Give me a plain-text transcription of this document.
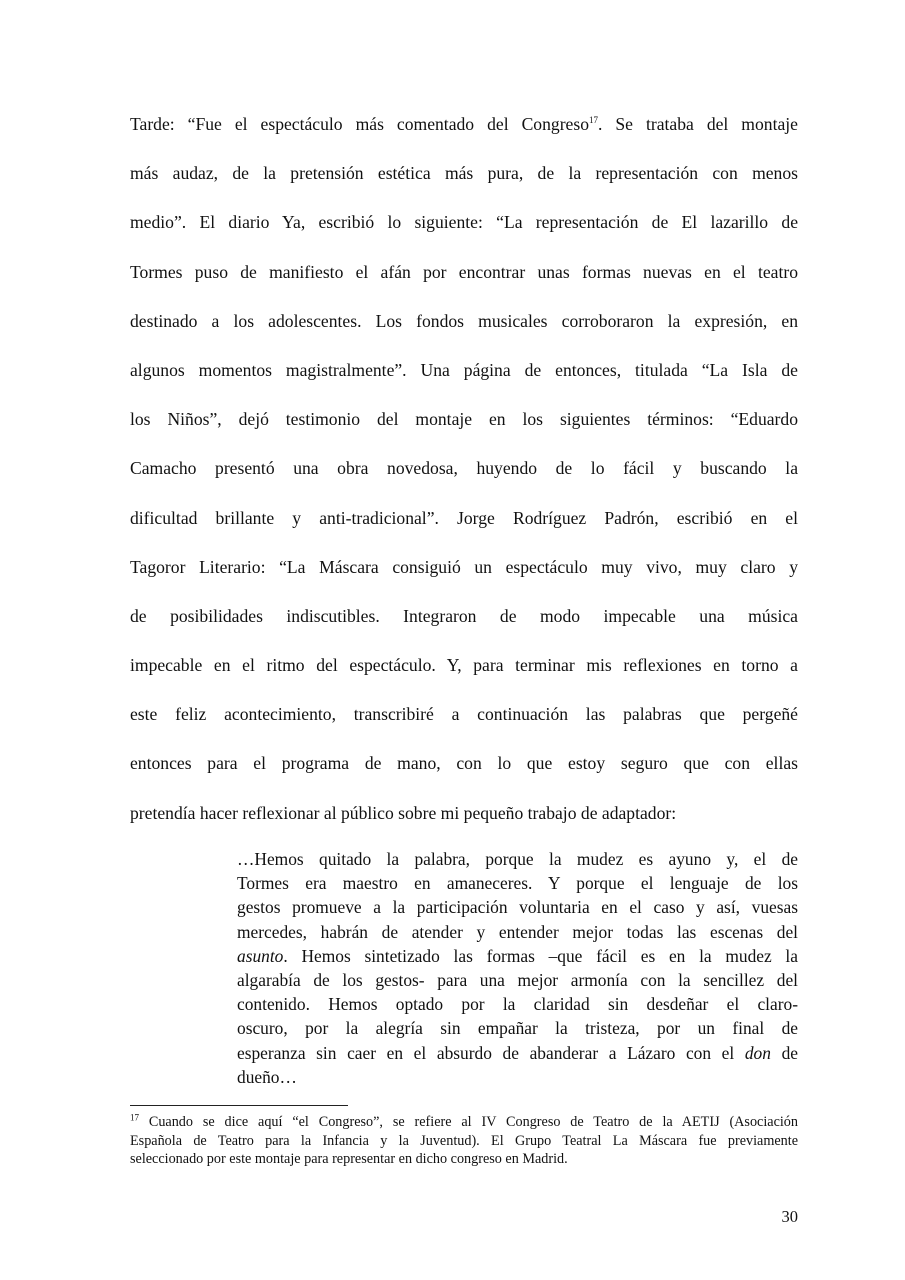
Tarde: “Fue el espectáculo más comentado del Congreso$^{17}$. Se trataba del montaje
más audaz, de la pretensión estética más pura, de la representación con menos
medio”. El diario Ya, escribió lo siguiente: “La representación de El lazarillo de
Tormes puso de manifiesto el afán por encontrar unas formas nuevas en el teatro
destinado a los adolescentes. Los fondos musicales corroboraron la expresión, en
algunos momentos magistralmente”. Una página de entonces, titulada “La Isla de
los Niños”, dejó testimonio del montaje en los siguientes términos: “Eduardo
Camacho presentó una obra novedosa, huyendo de lo fácil y buscando la
dificultad brillante y anti-tradicional”. Jorge Rodríguez Padrón, escribió en el
Tagoror Literario: “La Máscara consiguió un espectáculo muy vivo, muy claro y
de posibilidades indiscutibles. Integraron de modo impecable una música
impecable en el ritmo del espectáculo. Y, para terminar mis reflexiones en torno a
este feliz acontecimiento, transcribiré a continuación las palabras que pergeñé
entonces para el programa de mano, con lo que estoy seguro que con ellas
pretendía hacer reflexionar al público sobre mi pequeño trabajo de adaptador:
…Hemos quitado la palabra, porque la mudez es ayuno y, el de
Tormes era maestro en amaneceres. Y porque el lenguaje de los
gestos promueve a la participación voluntaria en el caso y así, vuesas
mercedes, habrán de atender y entender mejor todas las escenas del
asunto. Hemos sintetizado las formas –que fácil es en la mudez la
algarabía de los gestos- para una mejor armonía con la sencillez del
contenido. Hemos optado por la claridad sin desdeñar el claro-
oscuro, por la alegría sin empañar la tristeza, por un final de
esperanza sin caer en el absurdo de abanderar a Lázaro con el don de
dueño…
$^{17}$ Cuando se dice aquí “el Congreso”, se refiere al IV Congreso de Teatro de la AETIJ (Asociación
Española de Teatro para la Infancia y la Juventud). El Grupo Teatral La Máscara fue previamente
seleccionado por este montaje para representar en dicho congreso en Madrid.
30
